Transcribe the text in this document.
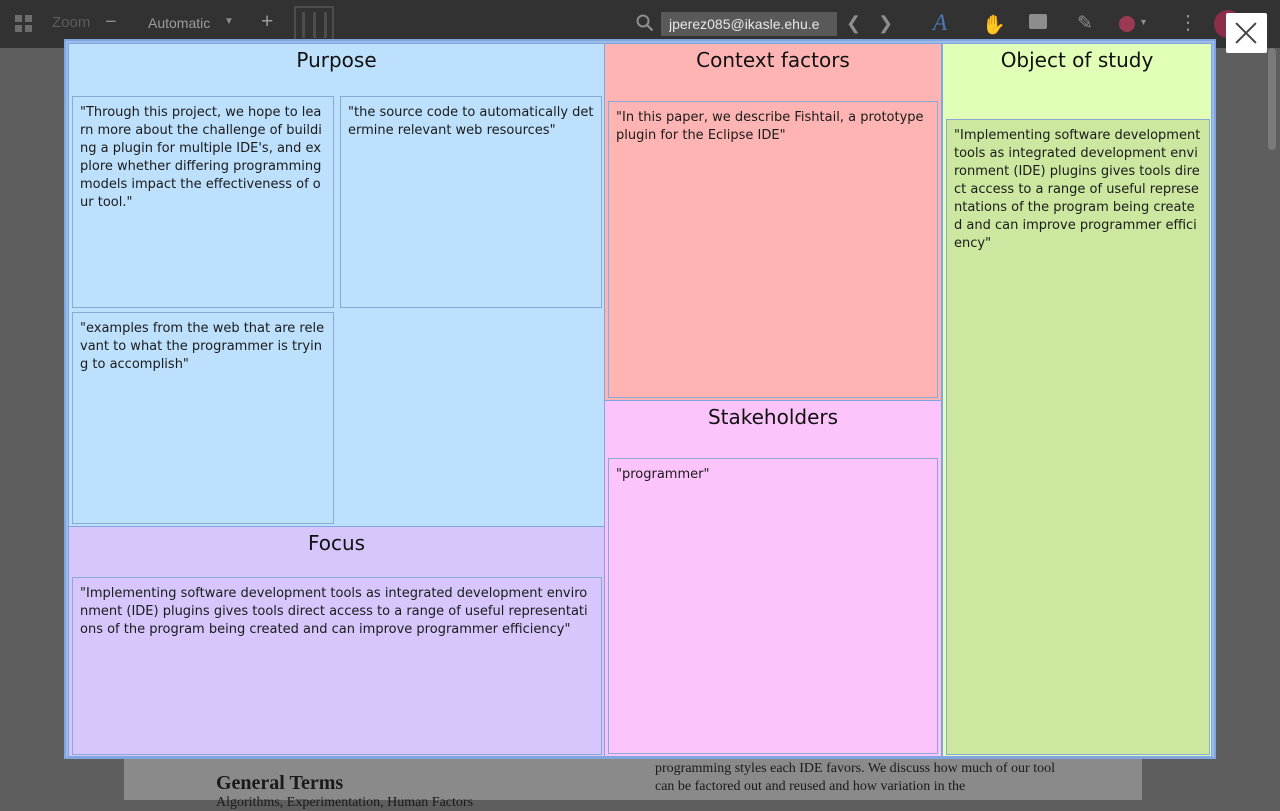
Zoom − Automatic ▼ +
jperez085@ikasle.ehu.e	❮ ❯ A ✋	✎	▼ ⋮
General Terms
Algorithms, Experimentation, Human Factors
programming styles each IDE favors. We discuss how much of our tool can be factored out and reused and how variation in the
Purpose
"Through this project, we hope to learn more about the challenge of building a plugin for multiple IDE's, and explore whether differing programming models impact the effectiveness of our tool."
"the source code to automatically determine relevant web resources"
"examples from the web that are relevant to what the programmer is trying to accomplish"
Focus
"Implementing software development tools as integrated development environment (IDE) plugins gives tools direct access to a range of useful representations of the program being created and can improve programmer efficiency"
Context factors
"In this paper, we describe Fishtail, a prototype plugin for the Eclipse IDE"
Stakeholders
"programmer"
Object of study
"Implementing software development tools as integrated development environment (IDE) plugins gives tools direct access to a range of useful representations of the program being created and can improve programmer efficiency"
